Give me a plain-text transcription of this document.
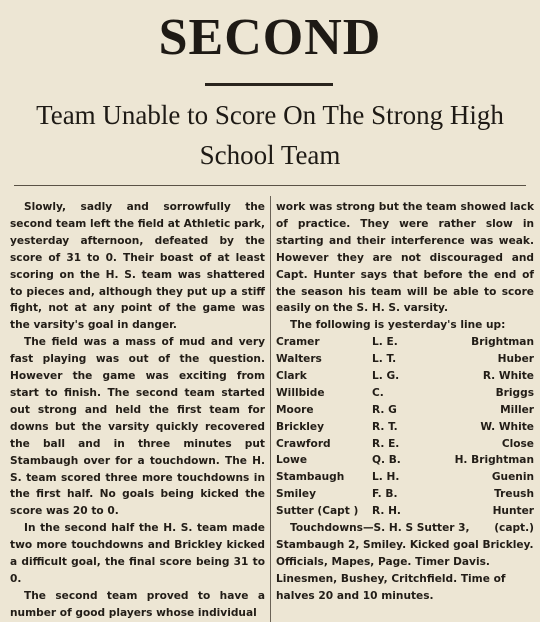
SECOND
Team Unable to Score On The Strong High
School Team
Slowly, sadly and sorrowfully the second team left the field at Athletic park, yesterday afternoon, defeated by the score of 31 to 0. Their boast of at least scoring on the H. S. team was shattered to pieces and, although they put up a stiff fight, not at any point of the game was the varsity's goal in danger.
The field was a mass of mud and very fast playing was out of the question. However the game was exciting from start to finish. The second team started out strong and held the first team for downs but the varsity quickly recovered the ball and in three minutes put Stambaugh over for a touchdown. The H. S. team scored three more touchdowns in the first half. No goals being kicked the score was 20 to 0.
In the second half the H. S. team made two more touchdowns and Brickley kicked a difficult goal, the final score being 31 to 0.
The second team proved to have a number of good players whose individual
work was strong but the team showed lack of practice. They were rather slow in starting and their interference was weak. However they are not discouraged and Capt. Hunter says that before the end of the season his team will be able to score easily on the S. H. S. varsity.
The following is yesterday's line up:
Cramer	L. E.	Brightman
Walters	L. T.	Huber
Clark	L. G.	R. White
Willbide	C.	Briggs
Moore	R. G	Miller
Brickley	R. T.	W. White
Crawford	R. E.	Close
Lowe	Q. B.	H. Brightman
Stambaugh	L. H.	Guenin
Smiley	F. B.	Treush
Sutter (Capt )	R. H.	Hunter (capt.)
Touchdowns—S. H. S Sutter 3, Stambaugh 2, Smiley. Kicked goal Brickley. Officials, Mapes, Page. Timer Davis. Linesmen, Bushey, Critchfield. Time of halves 20 and 10 minutes.
